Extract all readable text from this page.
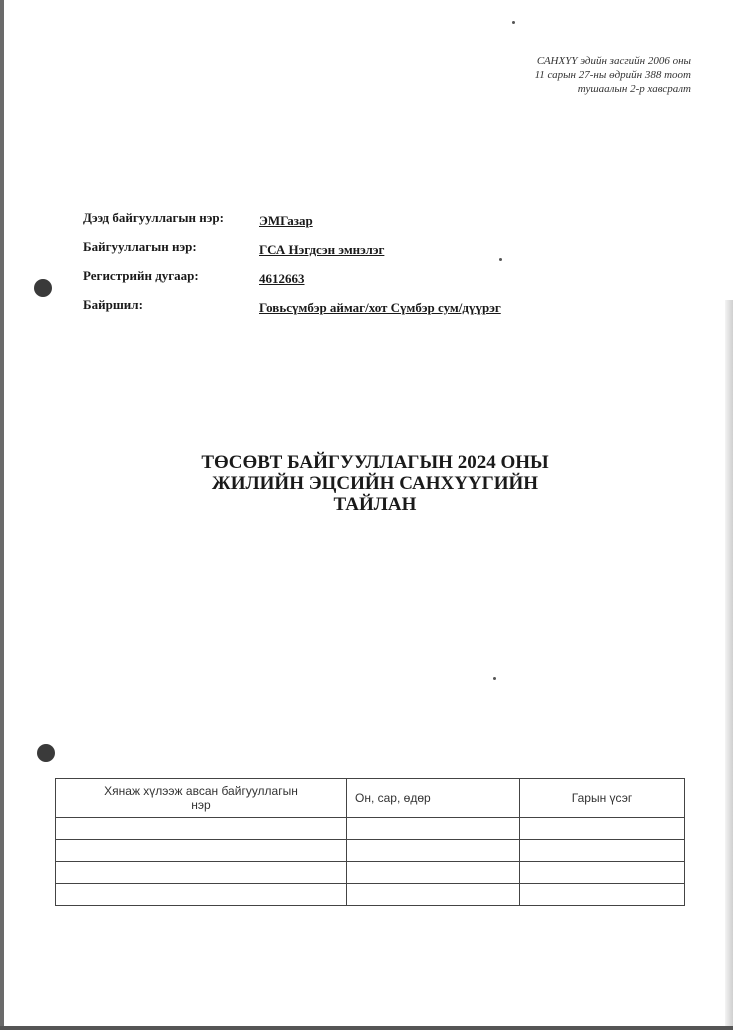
САНХҮҮ эдийн засгийн 2006 оны
11 сарын 27-ны өдрийн 388 тоот
тушаалын 2-р хавсралт
Дээд байгууллагын нэр:	ЭМГазар
Байгууллагын нэр:	ГСА Нэгдсэн эмнэлэг
Регистрийн дугаар:	4612663
Байршил:	Говьсүмбэр аймаг/хот Сүмбэр сум/дүүрэг
ТӨСӨВТ БАЙГУУЛЛАГЫН 2024 ОНЫ
ЖИЛИЙН ЭЦСИЙН САНХҮҮГИЙН
ТАЙЛАН
Хянаж хүлээж авсан байгууллагын
нэр	Он, сар, өдөр	Гарын үсэг
